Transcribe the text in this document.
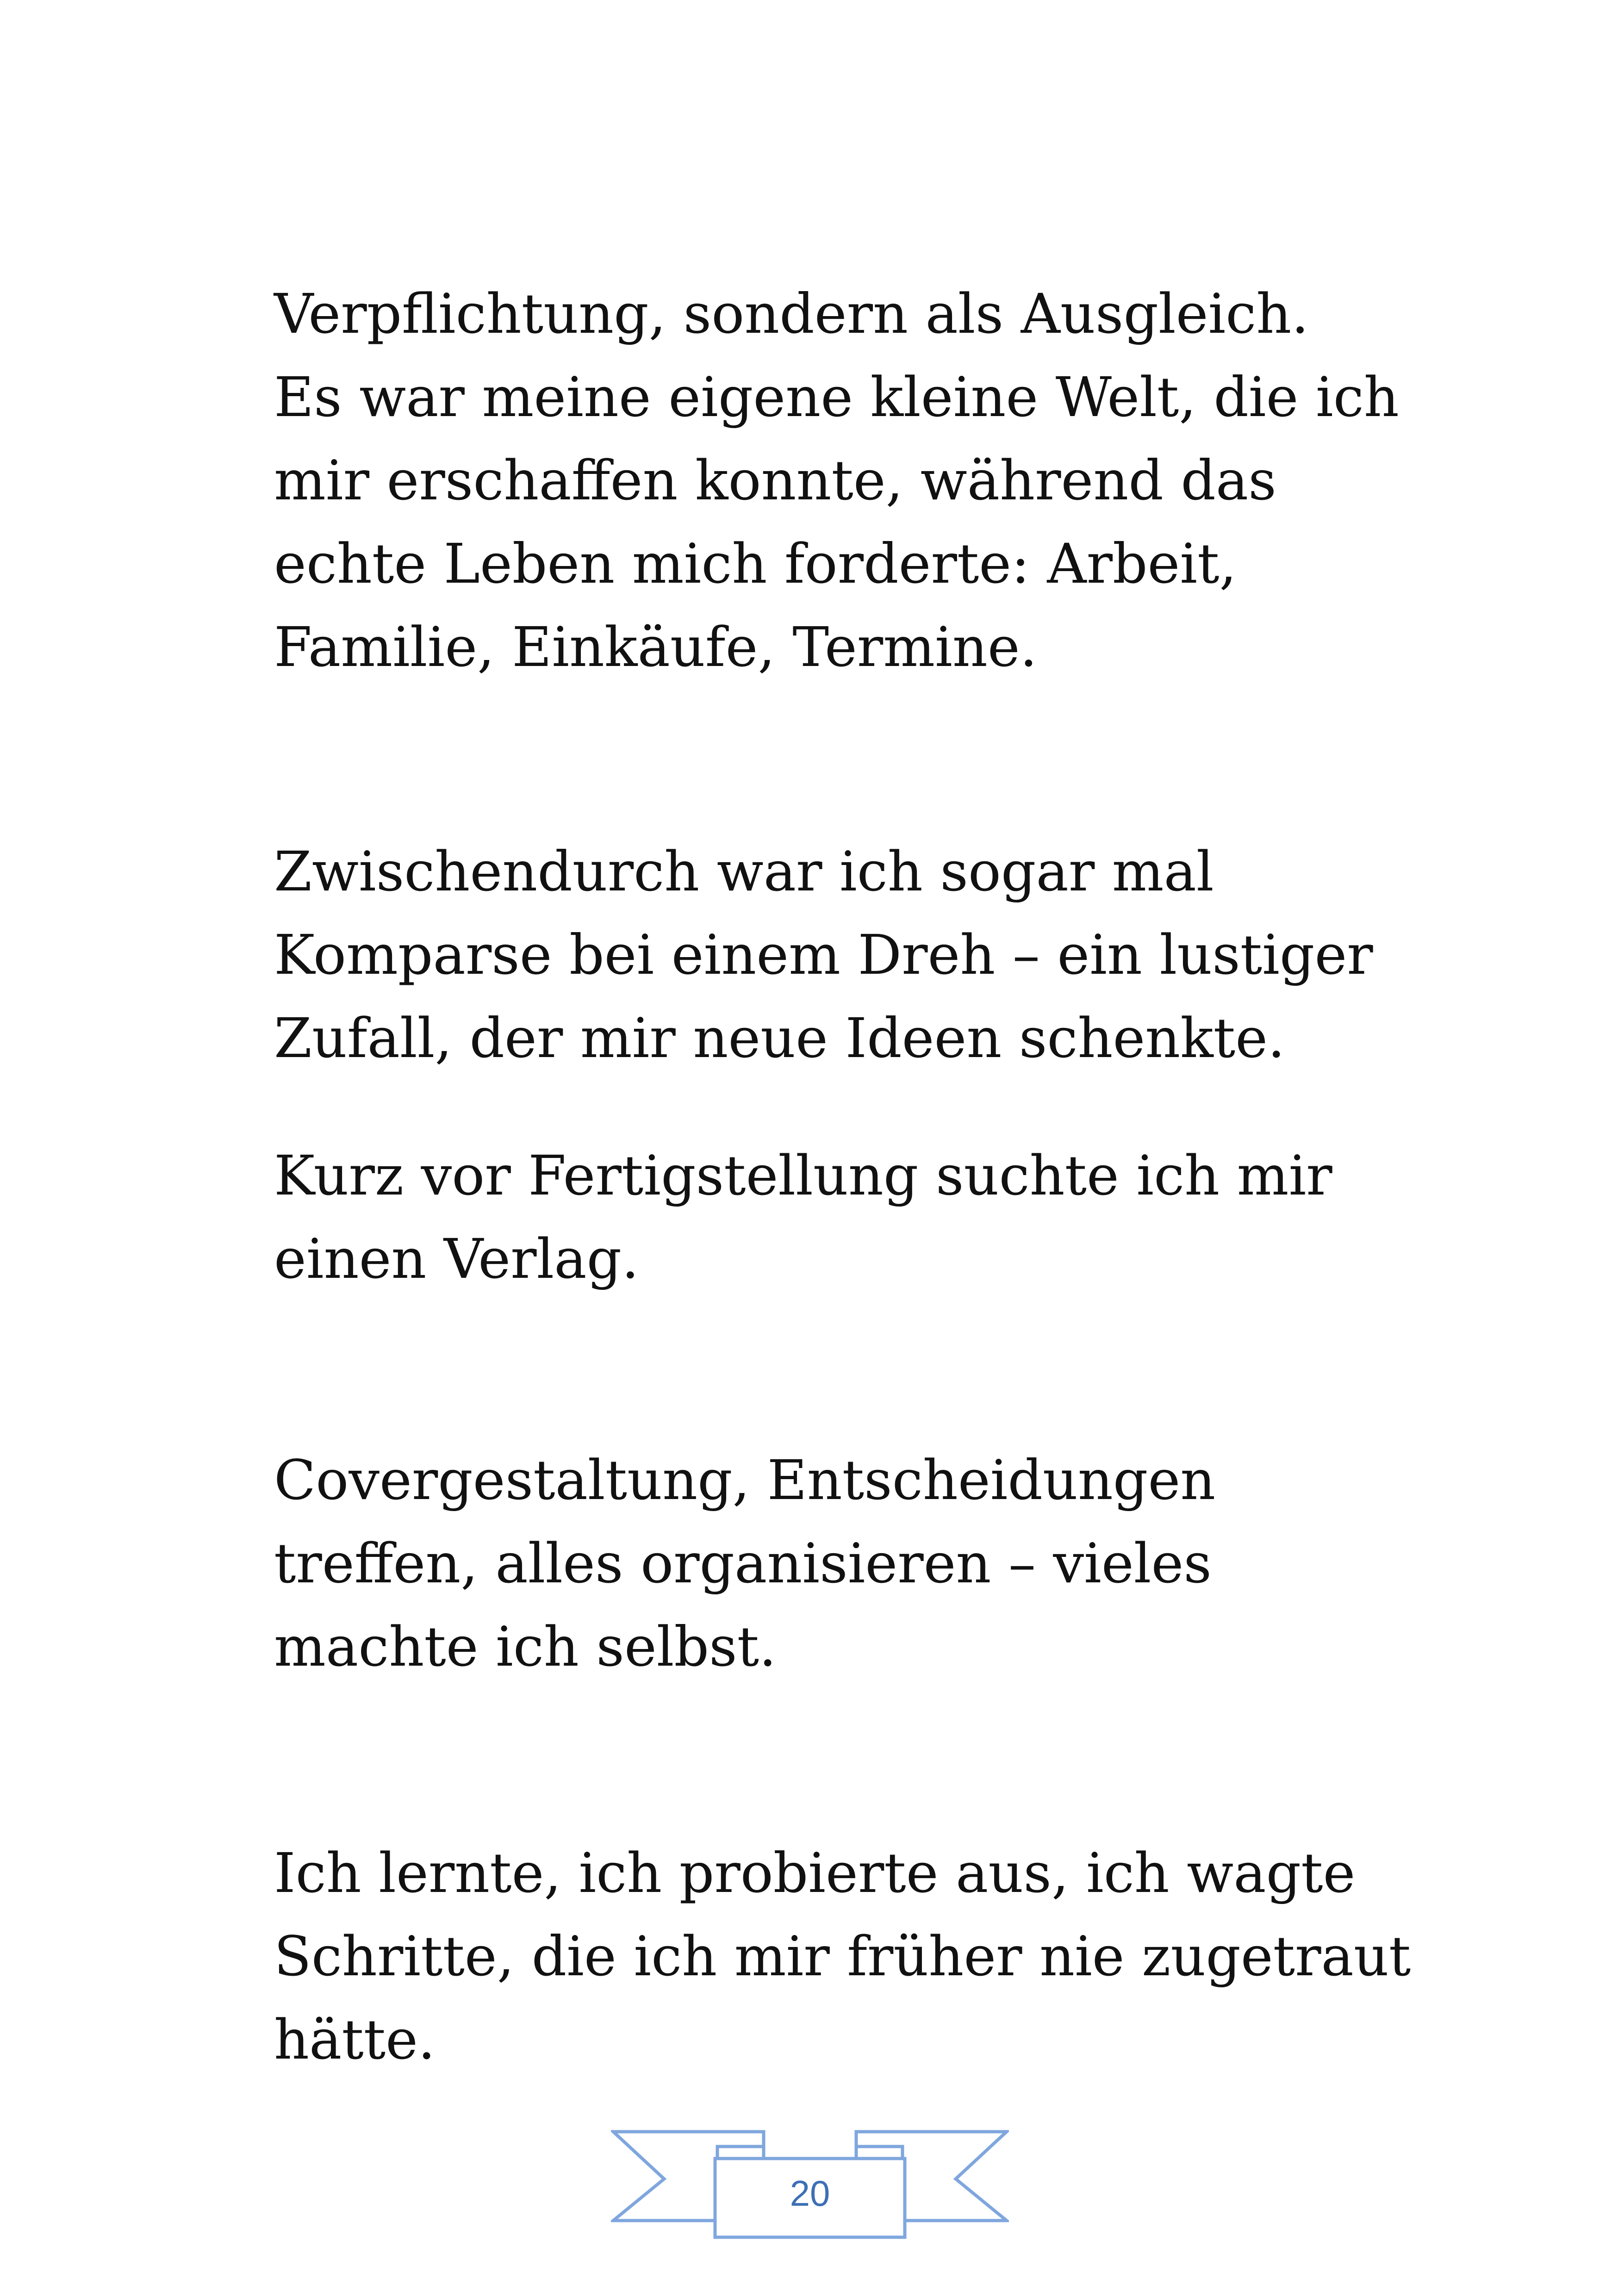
Verpflichtung, sondern als Ausgleich.
Es war meine eigene kleine Welt, die ich
mir erschaffen konnte, während das
echte Leben mich forderte: Arbeit,
Familie, Einkäufe, Termine.
Zwischendurch war ich sogar mal
Komparse bei einem Dreh – ein lustiger
Zufall, der mir neue Ideen schenkte.
Kurz vor Fertigstellung suchte ich mir
einen Verlag.
Covergestaltung, Entscheidungen
treffen, alles organisieren – vieles
machte ich selbst.
Ich lernte, ich probierte aus, ich wagte
Schritte, die ich mir früher nie zugetraut
hätte.
20
